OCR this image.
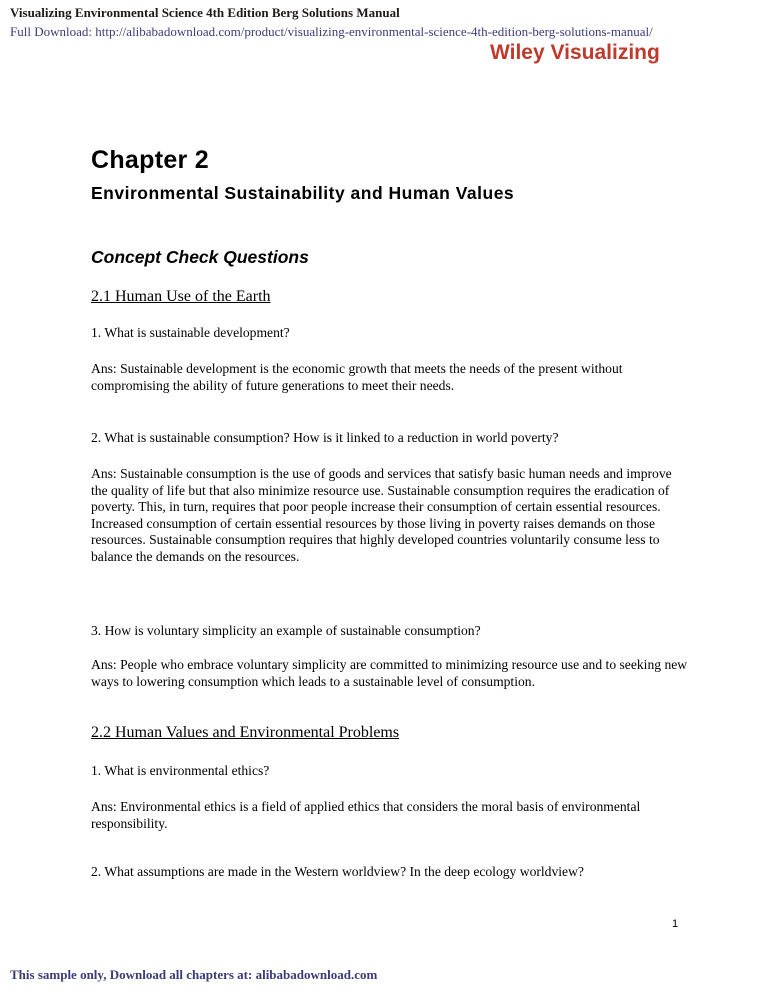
Visualizing Environmental Science 4th Edition Berg Solutions Manual
Full Download: http://alibabadownload.com/product/visualizing-environmental-science-4th-edition-berg-solutions-manual/
Wiley Visualizing
Chapter 2
Environmental Sustainability and Human Values
Concept Check Questions
2.1 Human Use of the Earth
1. What is sustainable development?
Ans: Sustainable development is the economic growth that meets the needs of the present without compromising the ability of future generations to meet their needs.
2. What is sustainable consumption? How is it linked to a reduction in world poverty?
Ans: Sustainable consumption is the use of goods and services that satisfy basic human needs and improve the quality of life but that also minimize resource use. Sustainable consumption requires the eradication of poverty. This, in turn, requires that poor people increase their consumption of certain essential resources. Increased consumption of certain essential resources by those living in poverty raises demands on those resources. Sustainable consumption requires that highly developed countries voluntarily consume less to balance the demands on the resources.
3. How is voluntary simplicity an example of sustainable consumption?
Ans: People who embrace voluntary simplicity are committed to minimizing resource use and to seeking new ways to lowering consumption which leads to a sustainable level of consumption.
2.2 Human Values and Environmental Problems
1. What is environmental ethics?
Ans: Environmental ethics is a field of applied ethics that considers the moral basis of environmental responsibility.
2. What assumptions are made in the Western worldview? In the deep ecology worldview?
1
This sample only, Download all chapters at: alibabadownload.com
